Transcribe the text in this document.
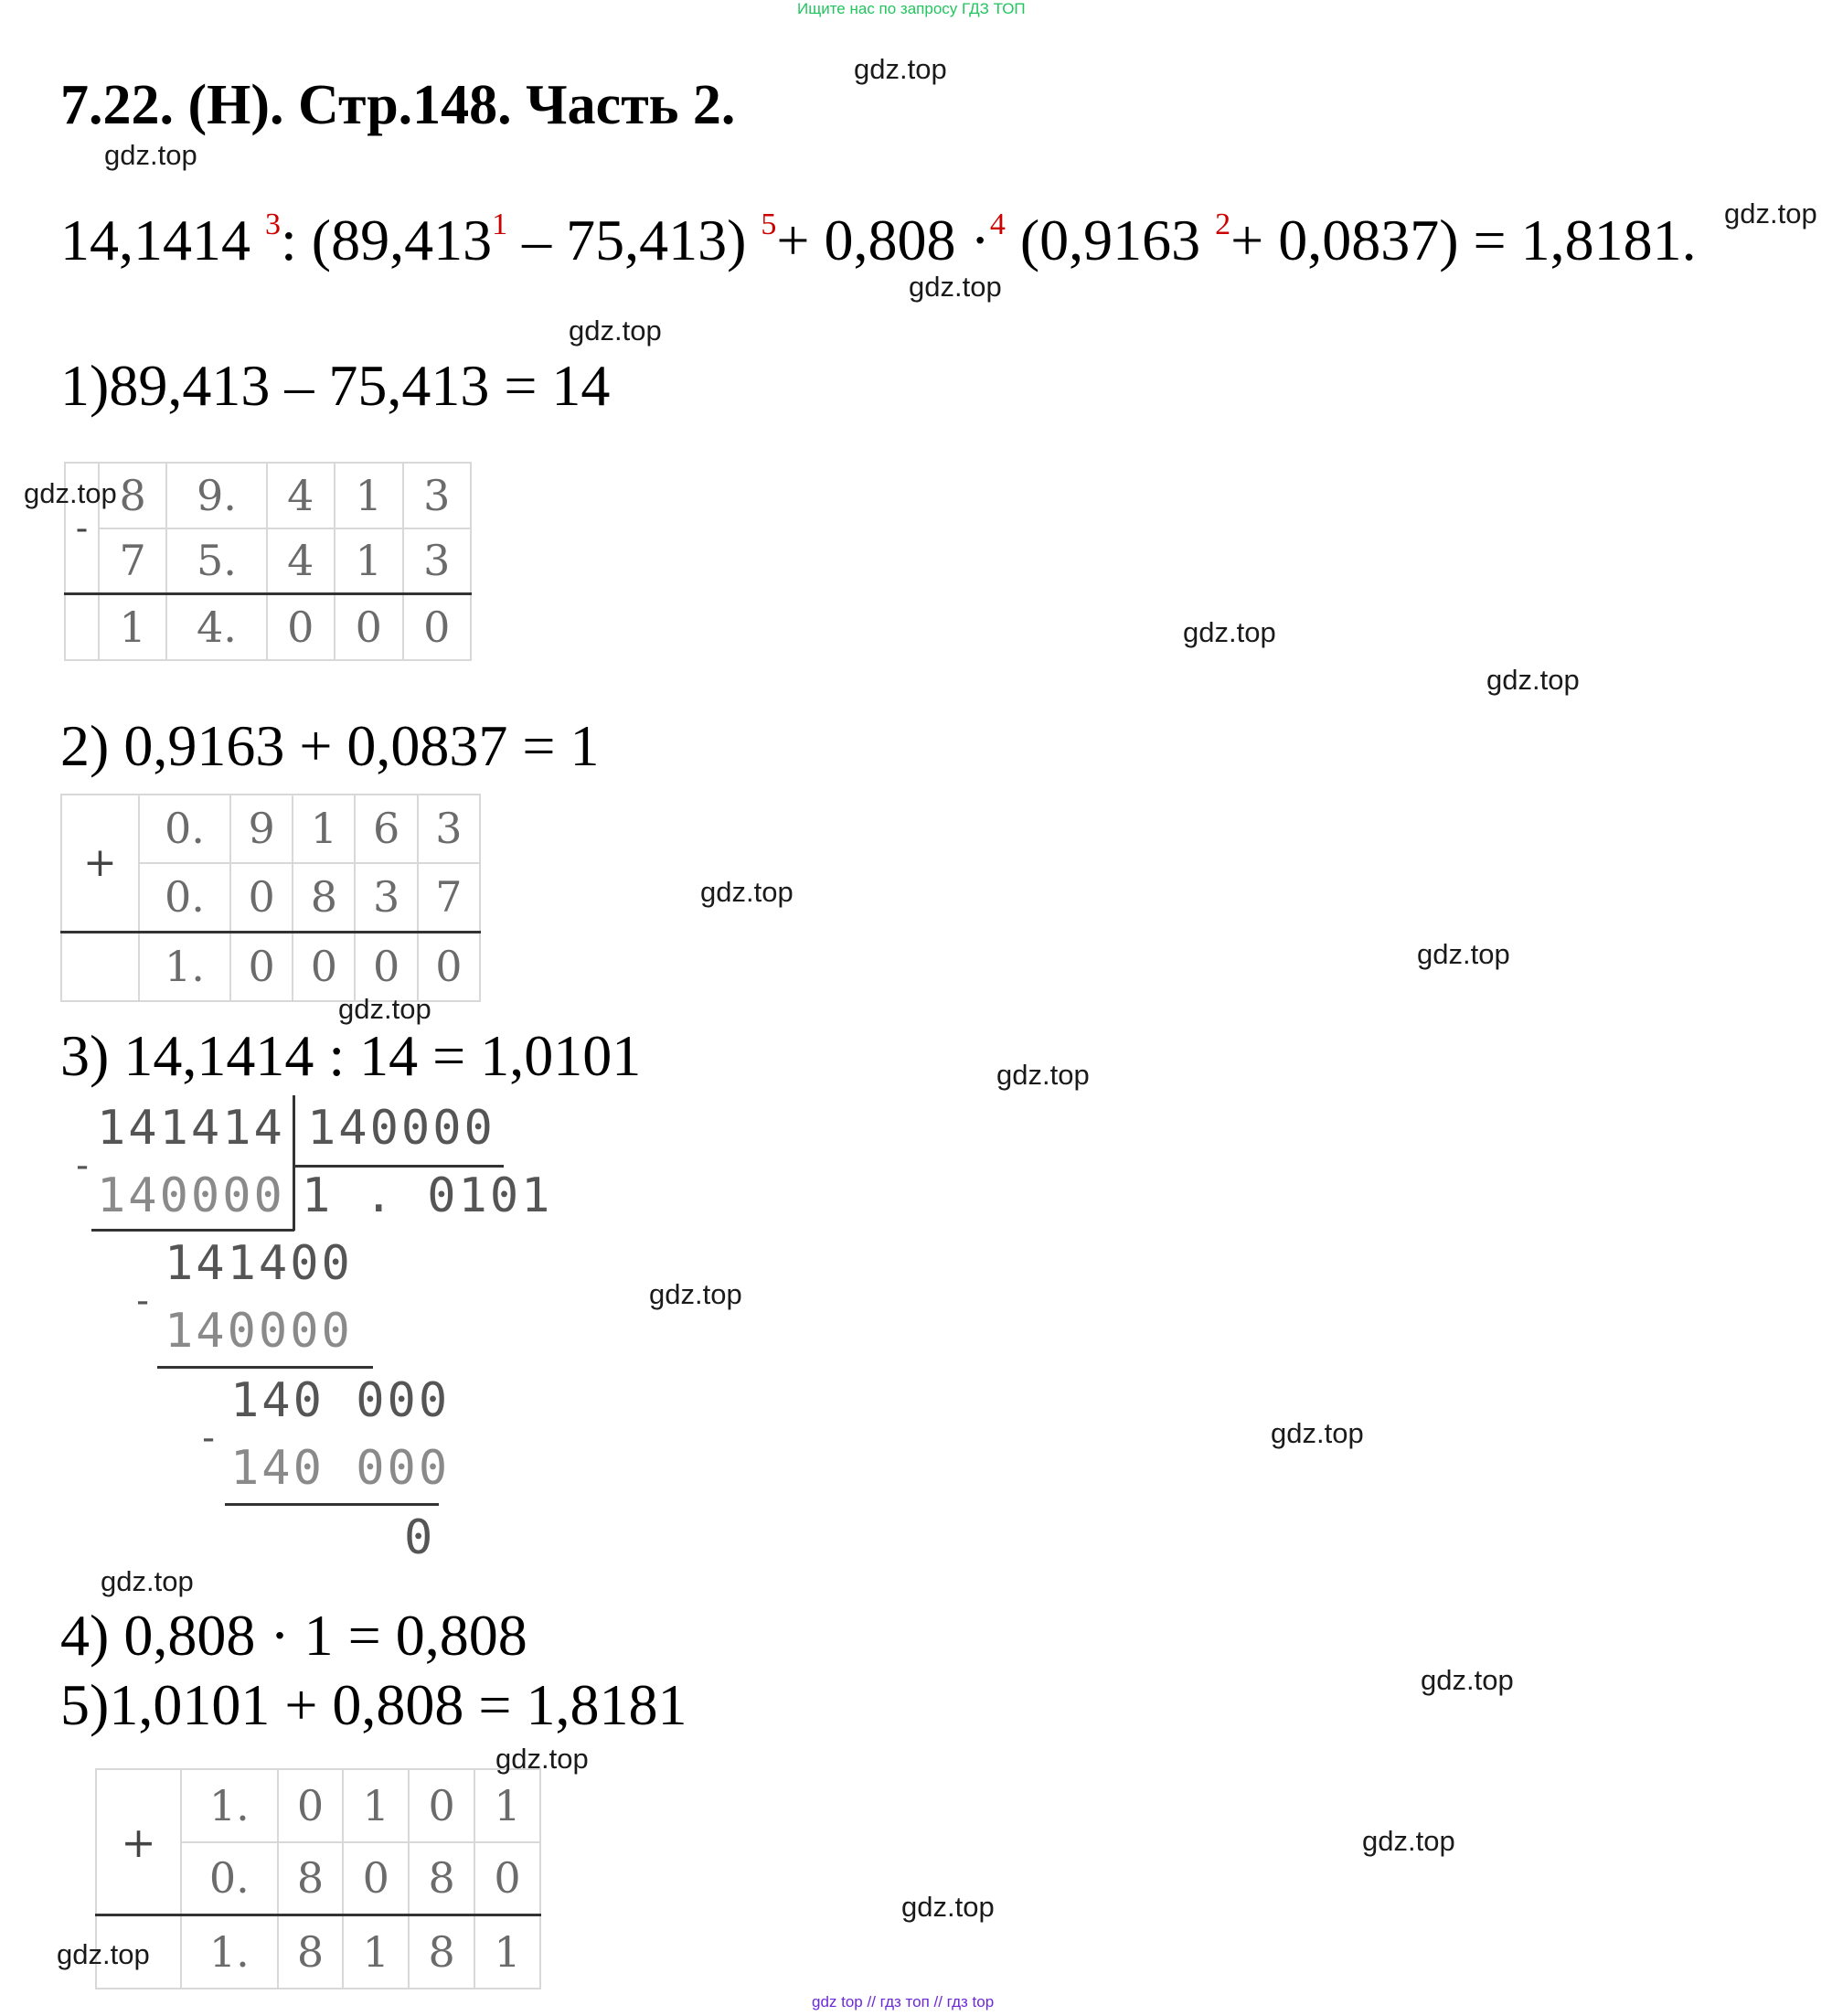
Ищите нас по запросу ГДЗ ТОП
7.22. (Н). Стр.148. Часть 2.
14,1414 $^3$: (89,413$^1$ – 75,413) $^5$+ 0,808 ·$^4$ (0,9163 $^2$+ 0,0837) = 1,8181.
1)89,413 – 75,413 = 14
-	8	9.	4	1	3
	7	5.	4	1	3
	1	4.	0	0	0
2) 0,9163 + 0,0837 = 1
+	0.	9	1	6	3
	0.	0	8	3	7
	1.	0	0	0	0
3) 14,1414 : 14 = 1,0101
141414 140000
-
140000 1 . 0101
141400
-
140000
140 000
-
140 000
0
4) 0,808 · 1 = 0,808
5)1,0101 + 0,808 = 1,8181
+	1.	0	1	0	1
	0.	8	0	8	0
	1.	8	1	8	1
gdz.top
gdz.top
gdz.top
gdz.top
gdz.top
gdz.top
gdz.top
gdz.top
gdz.top
gdz.top
gdz.top
gdz.top
gdz.top
gdz.top
gdz.top
gdz.top
gdz.top
gdz.top
gdz.top
gdz.top
gdz top // гдз топ // гдз top
